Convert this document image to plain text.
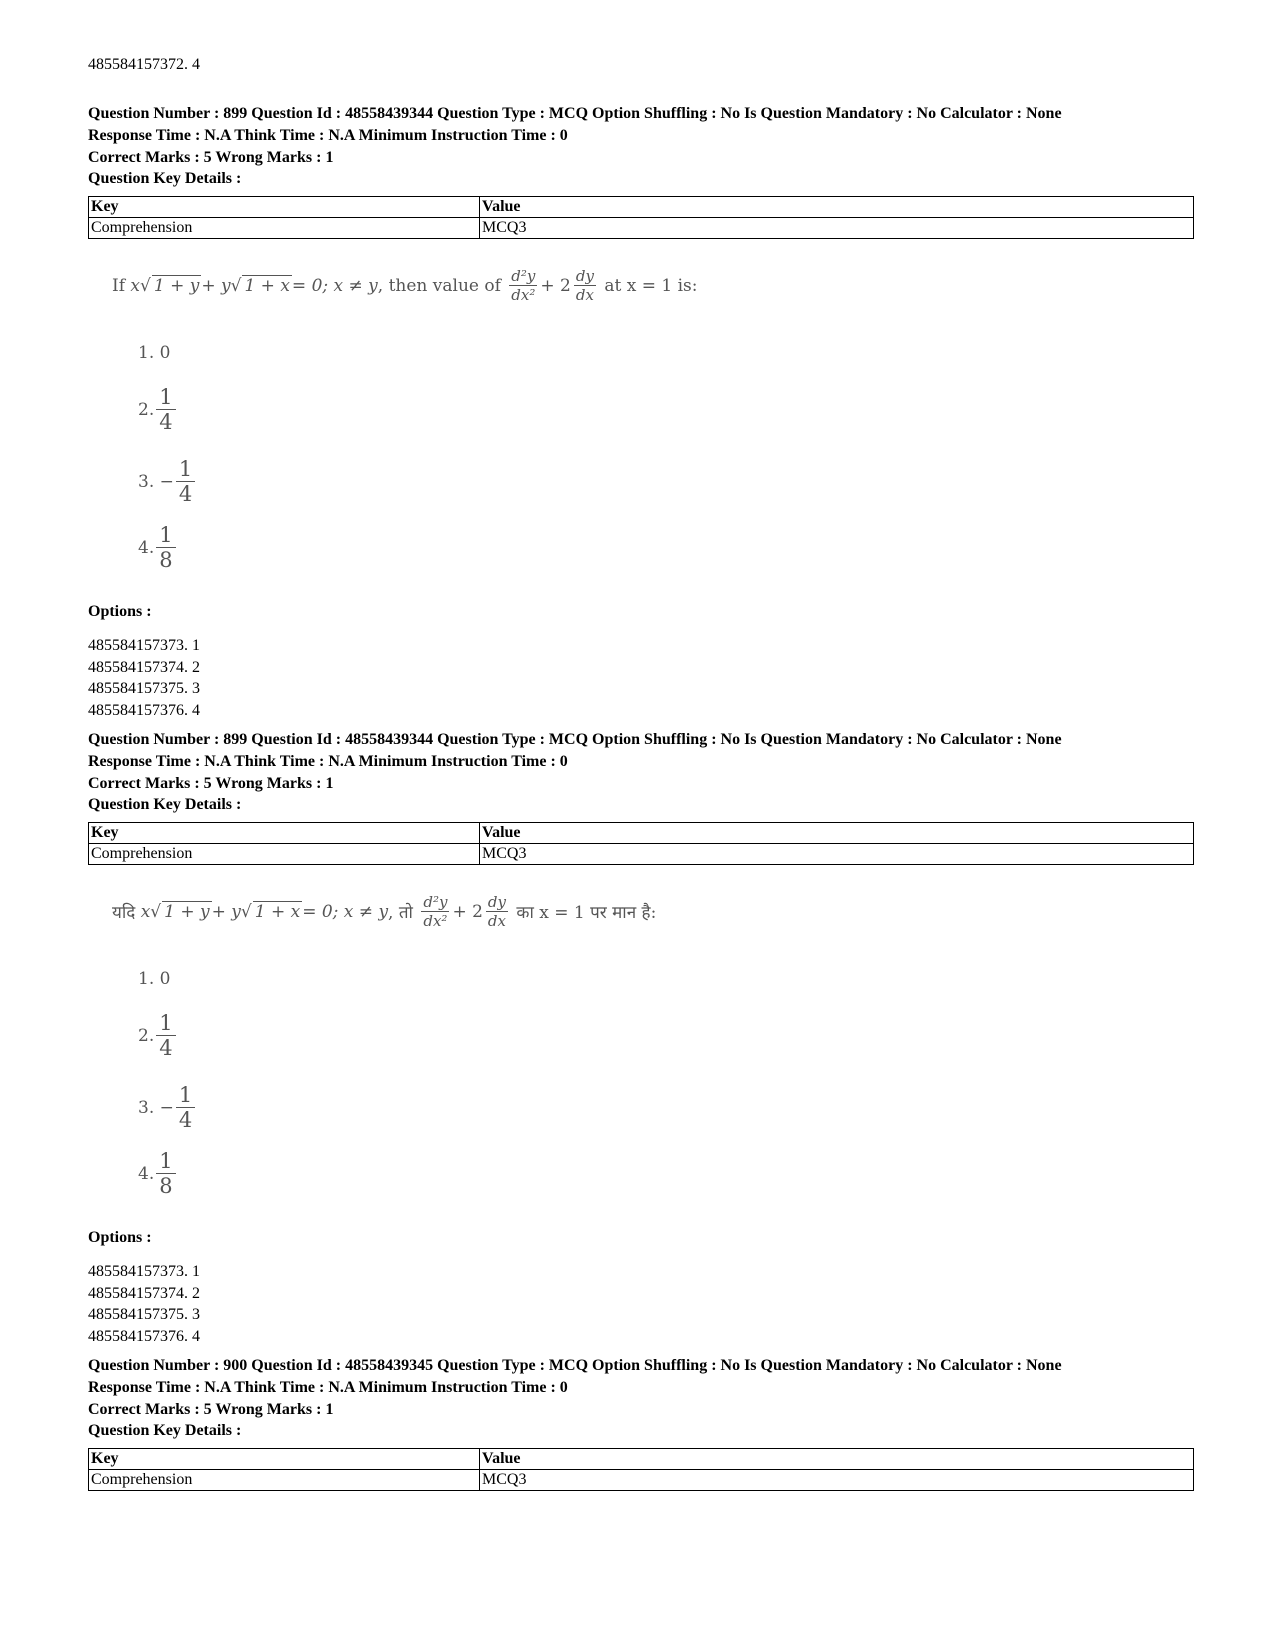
485584157372. 4
Question Number : 899 Question Id : 48558439344 Question Type : MCQ Option Shuffling : No Is Question Mandatory : No Calculator : None
Response Time : N.A Think Time : N.A Minimum Instruction Time : 0
Correct Marks : 5 Wrong Marks : 1
Question Key Details :
Key	Value
Comprehension	MCQ3
If
x √ 1 + y + y √ 1 + x = 0; x ≠ y , then value of
$\frac{\text{d²y}}{\text{dx²}} + 2 \frac{dy}{dx}$
at x = 1 is:
1. 0
2. $\frac{1}{4}$
3. − $\frac{1}{4}$
4. $\frac{1}{8}$
Options :
485584157373. 1
485584157374. 2
485584157375. 3
485584157376. 4
Question Number : 899 Question Id : 48558439344 Question Type : MCQ Option Shuffling : No Is Question Mandatory : No Calculator : None
Response Time : N.A Think Time : N.A Minimum Instruction Time : 0
Correct Marks : 5 Wrong Marks : 1
Question Key Details :
Key	Value
Comprehension	MCQ3
यदि
x √ 1 + y + y √ 1 + x = 0; x ≠ y , तो
$\frac{\text{d²y}}{\text{dx²}} + 2 \frac{dy}{dx}$
का x = 1 पर मान है:
1. 0
2. $\frac{1}{4}$
3. − $\frac{1}{4}$
4. $\frac{1}{8}$
Options :
485584157373. 1
485584157374. 2
485584157375. 3
485584157376. 4
Question Number : 900 Question Id : 48558439345 Question Type : MCQ Option Shuffling : No Is Question Mandatory : No Calculator : None
Response Time : N.A Think Time : N.A Minimum Instruction Time : 0
Correct Marks : 5 Wrong Marks : 1
Question Key Details :
Key	Value
Comprehension	MCQ3
